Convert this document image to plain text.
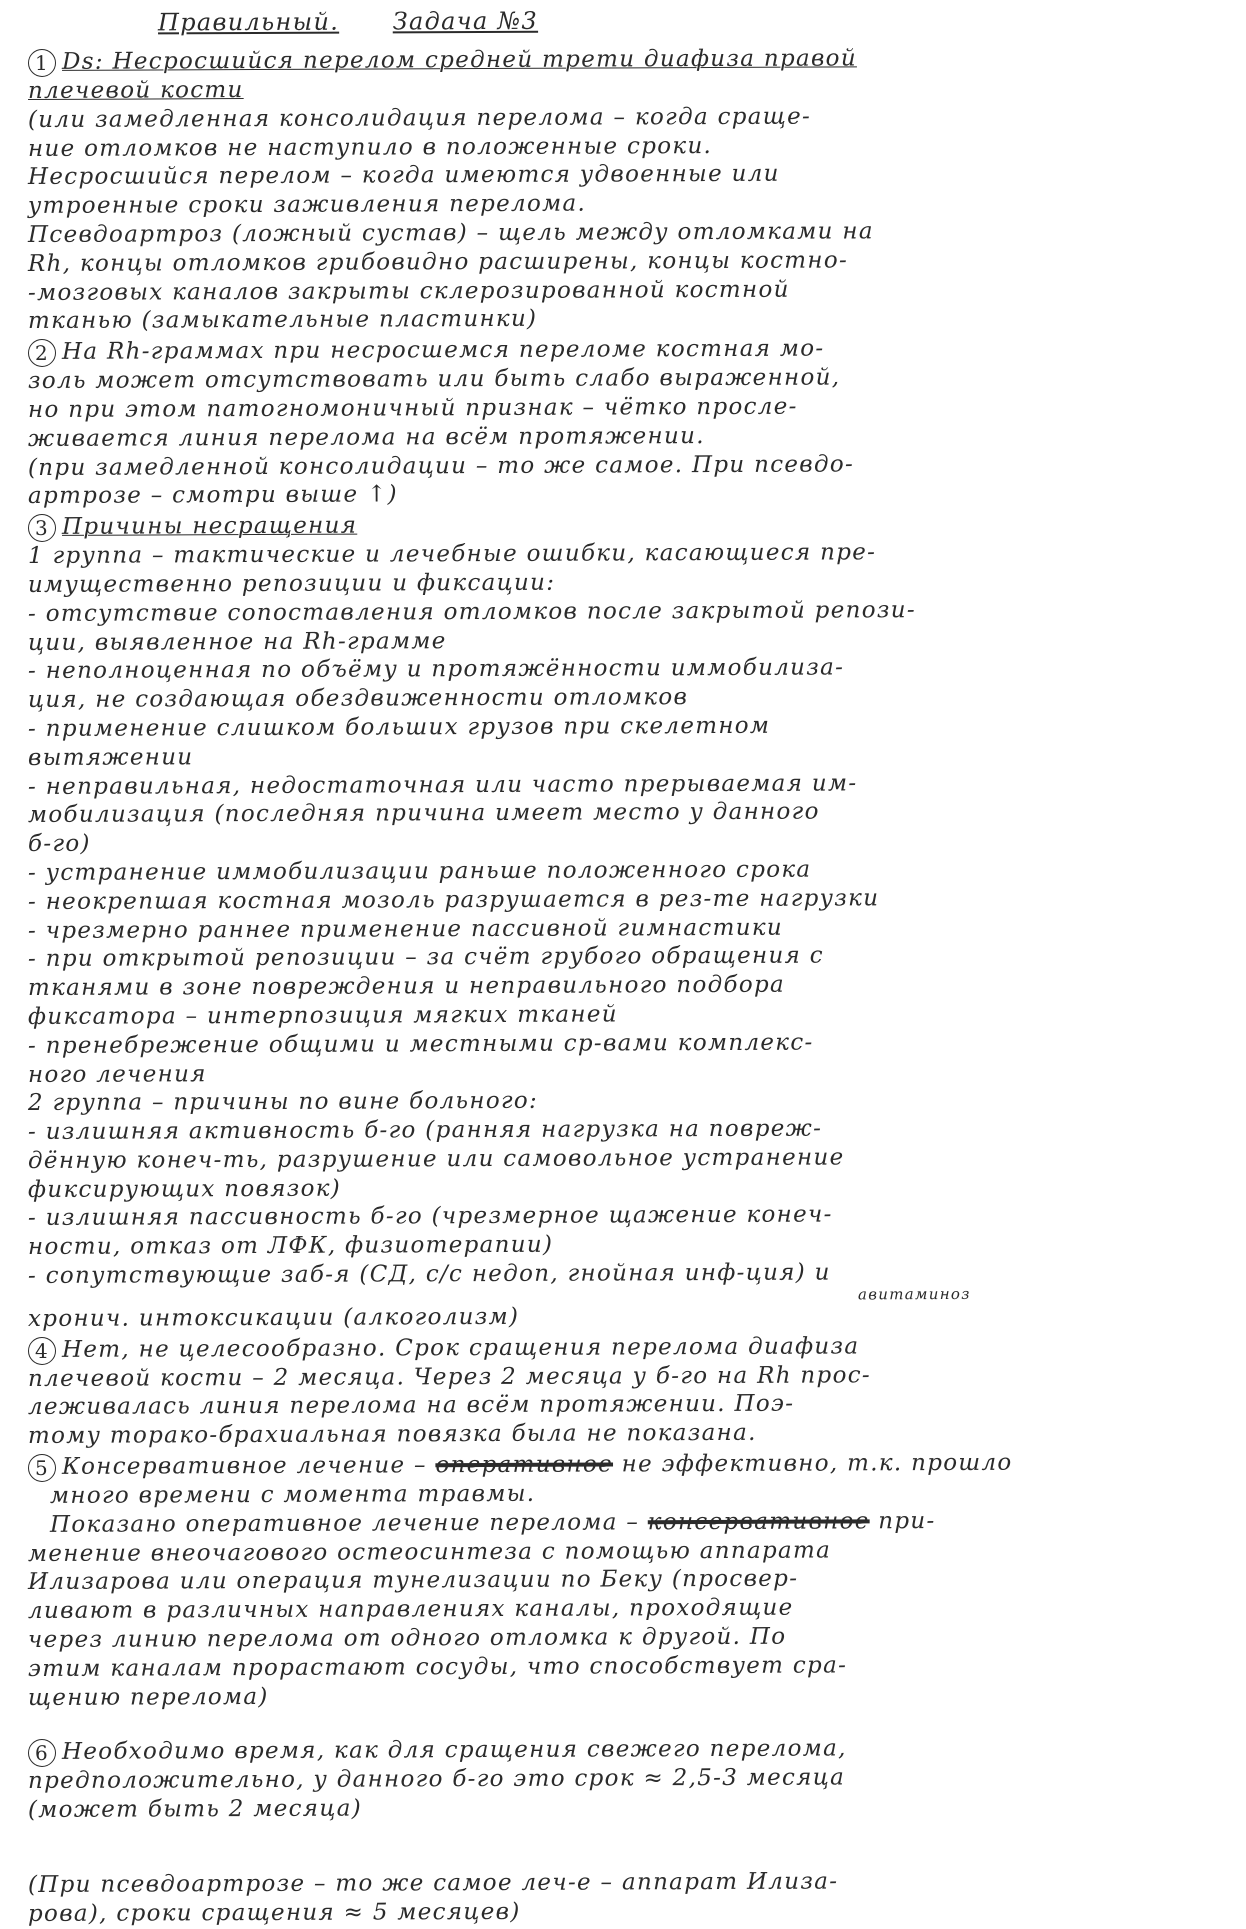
Правильный. Задача №3
1 Ds: Несросшийся перелом средней трети диафиза правой
плечевой кости
(или замедленная консолидация перелома – когда сраще-
ние отломков не наступило в положенные сроки.
Несросшийся перелом – когда имеются удвоенные или
утроенные сроки заживления перелома.
Псевдоартроз (ложный сустав) – щель между отломками на
Rh, концы отломков грибовидно расширены, концы костно-
-мозговых каналов закрыты склерозированной костной
тканью (замыкательные пластинки)
2 На Rh-граммах при несросшемся переломе костная мо-
золь может отсутствовать или быть слабо выраженной,
но при этом патогномоничный признак – чётко просле-
живается линия перелома на всём протяжении.
(при замедленной консолидации – то же самое. При псевдо-
артрозе – смотри выше ↑)
3 Причины несращения
1 группа – тактические и лечебные ошибки, касающиеся пре-
имущественно репозиции и фиксации:
- отсутствие сопоставления отломков после закрытой репози-
ции, выявленное на Rh-грамме
- неполноценная по объёму и протяжённости иммобилиза-
ция, не создающая обездвиженности отломков
- применение слишком больших грузов при скелетном
вытяжении
- неправильная, недостаточная или часто прерываемая им-
мобилизация (последняя причина имеет место у данного
б-го)
- устранение иммобилизации раньше положенного срока
- неокрепшая костная мозоль разрушается в рез-те нагрузки
- чрезмерно раннее применение пассивной гимнастики
- при открытой репозиции – за счёт грубого обращения с
тканями в зоне повреждения и неправильного подбора
фиксатора – интерпозиция мягких тканей
- пренебрежение общими и местными ср-вами комплекс-
ного лечения
2 группа – причины по вине больного:
- излишняя активность б-го (ранняя нагрузка на повреж-
дённую конеч-ть, разрушение или самовольное устранение
фиксирующих повязок)
- излишняя пассивность б-го (чрезмерное щажение конеч-
ности, отказ от ЛФК, физиотерапии)
- сопутствующие заб-я (СД, с/с недоп, гнойная инф-ция) и
авитаминоз
хронич. интоксикации (алкоголизм)
4 Нет, не целесообразно. Срок сращения перелома диафиза
плечевой кости – 2 месяца. Через 2 месяца у б-го на Rh прос-
леживалась линия перелома на всём протяжении. Поэ-
тому торако-брахиальная повязка была не показана.
5 Консервативное лечение – оперативное не эффективно, т.к. прошло
много времени с момента травмы.
Показано оперативное лечение перелома – консервативное при-
менение внеочагового остеосинтеза с помощью аппарата
Илизарова или операция тунелизации по Беку (просвер-
ливают в различных направлениях каналы, проходящие
через линию перелома от одного отломка к другой. По
этим каналам прорастают сосуды, что способствует сра-
щению перелома)
6 Необходимо время, как для сращения свежего перелома,
предположительно, у данного б-го это срок ≈ 2,5-3 месяца
(может быть 2 месяца)
(При псевдоартрозе – то же самое леч-е – аппарат Илиза-
рова), сроки сращения ≈ 5 месяцев)
